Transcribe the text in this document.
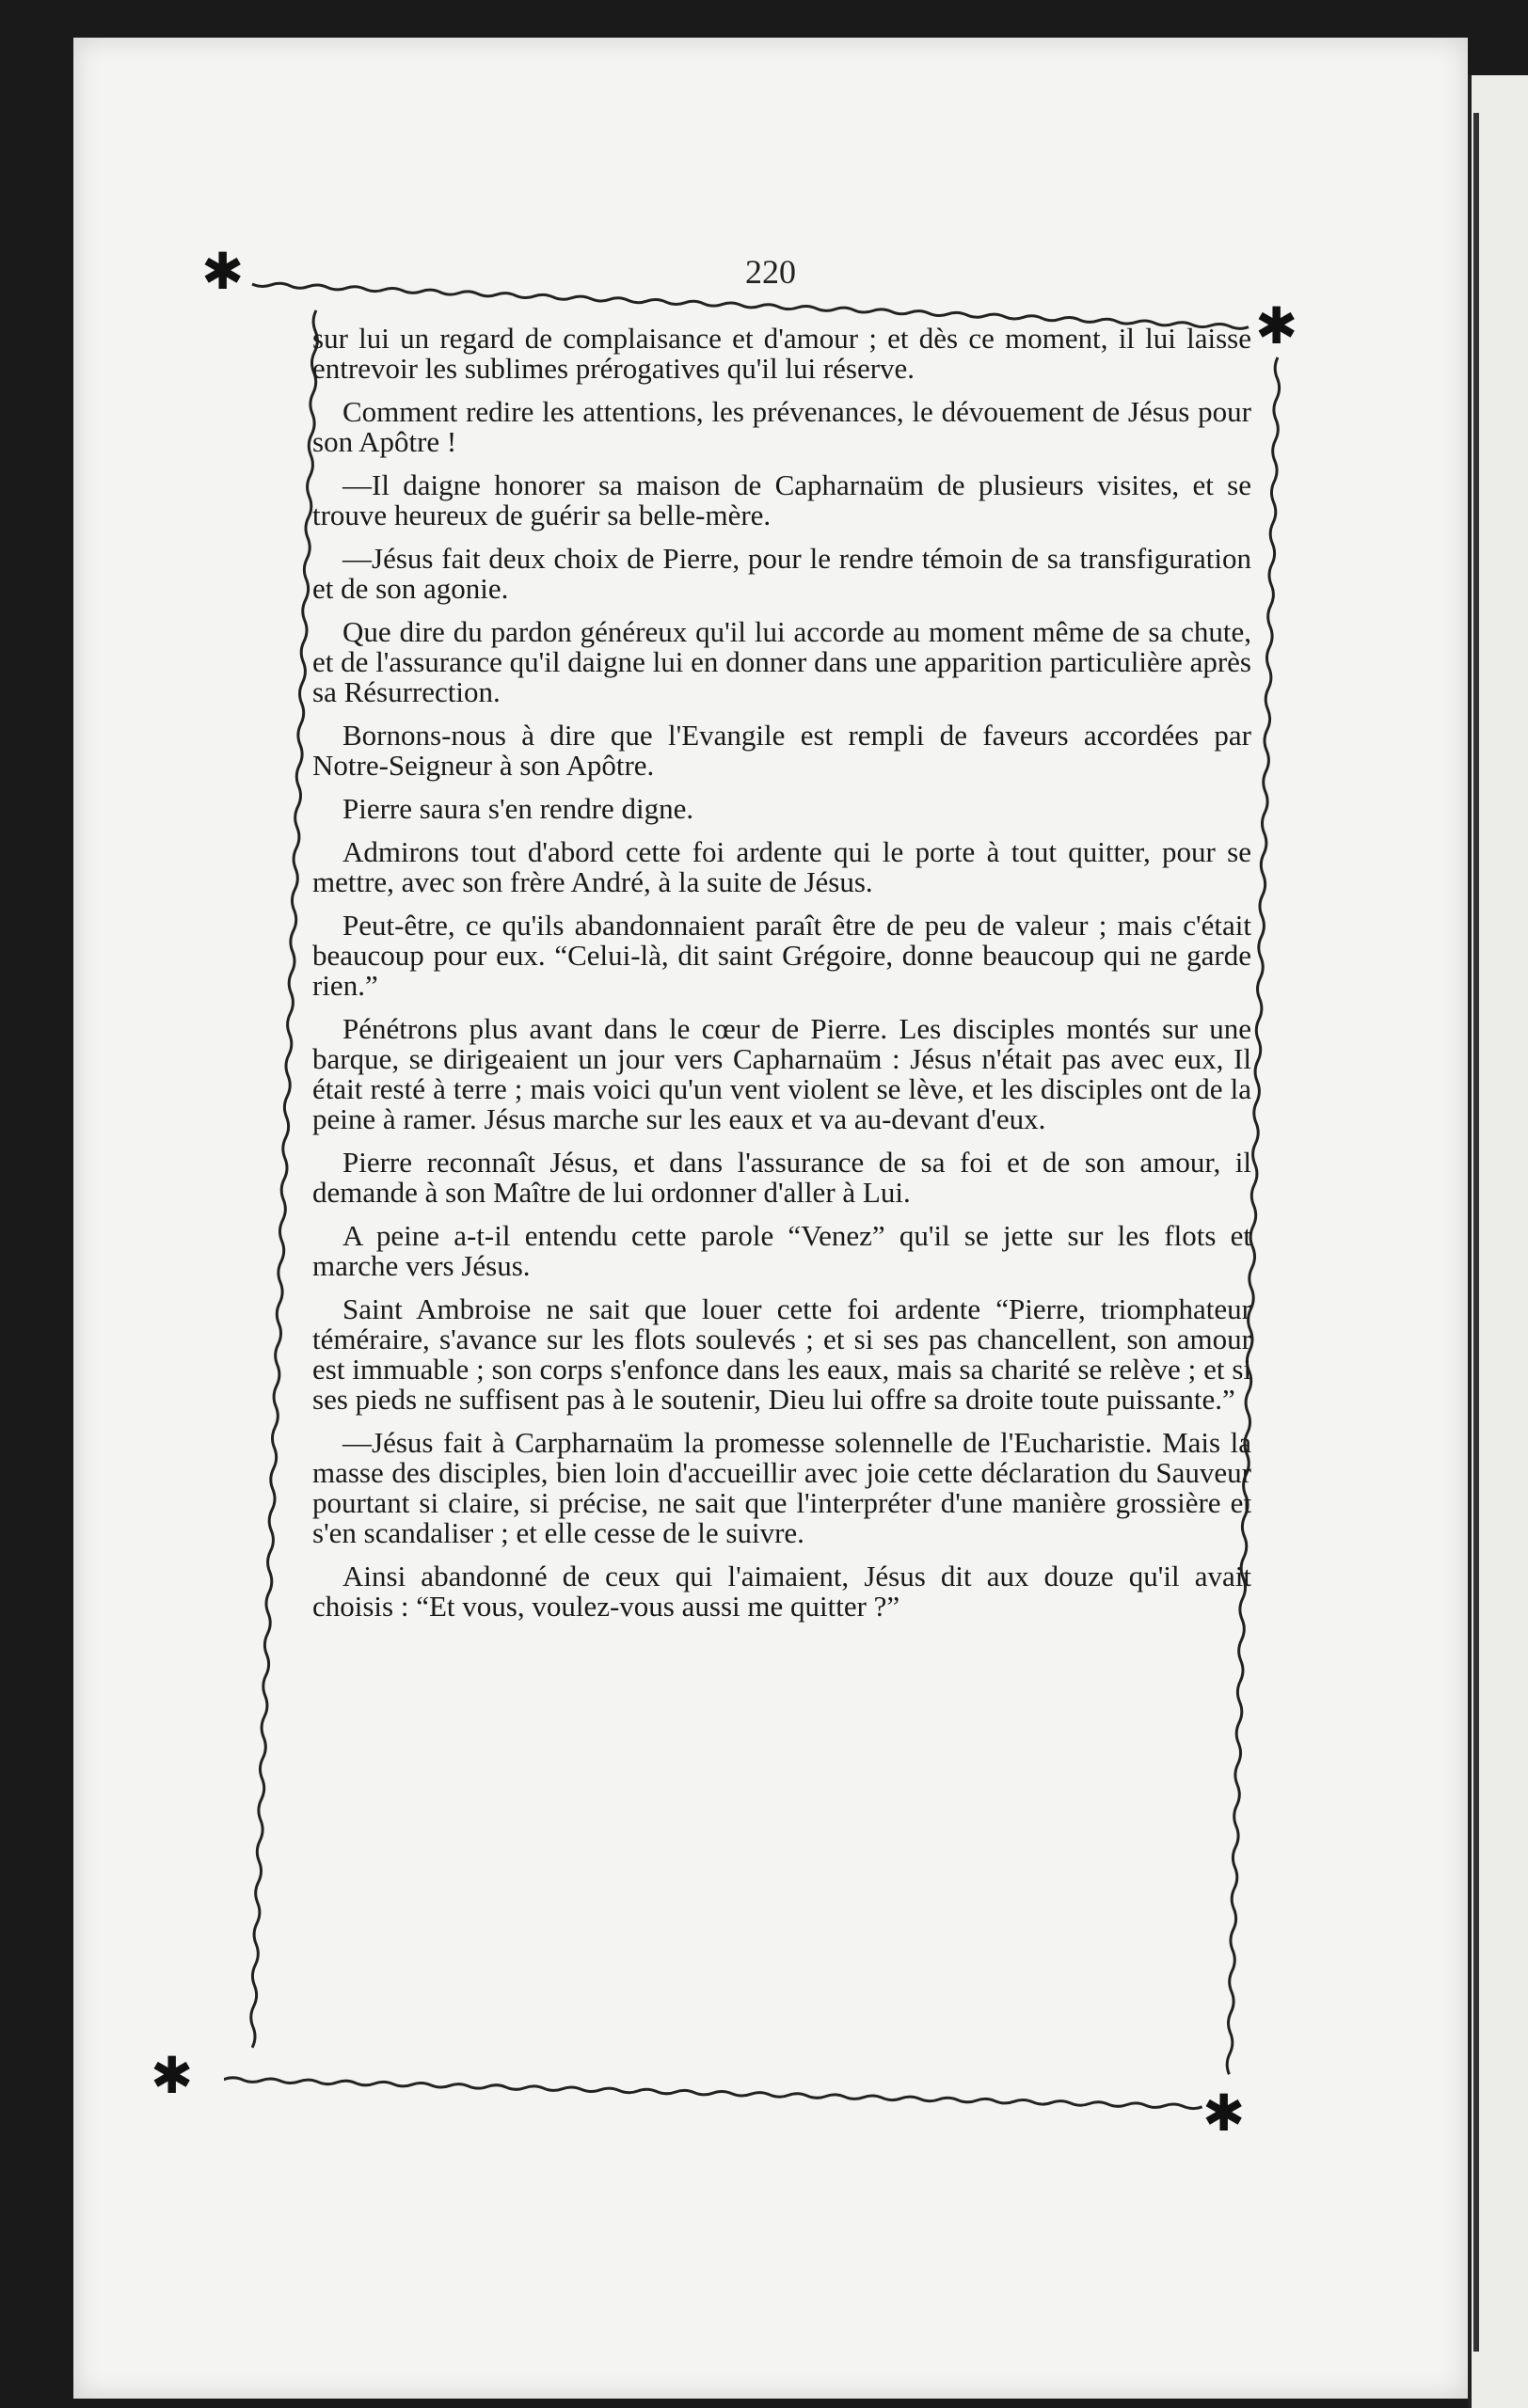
220
✱
✱
✱
✱

sur lui un regard de complaisance et d'amour ; et dès ce moment, il lui laisse entrevoir les sublimes prérogatives qu'il lui réserve.

Comment redire les attentions, les prévenances, le dévouement de Jésus pour son Apôtre !

—Il daigne honorer sa maison de Capharnaüm de plusieurs visites, et se trouve heureux de guérir sa belle-mère.

—Jésus fait deux choix de Pierre, pour le rendre témoin de sa transfiguration et de son agonie.

Que dire du pardon généreux qu'il lui accorde au moment même de sa chute, et de l'assurance qu'il daigne lui en donner dans une apparition particulière après sa Résurrection.

Bornons-nous à dire que l'Evangile est rempli de faveurs accordées par Notre-Seigneur à son Apôtre.

Pierre saura s'en rendre digne.

Admirons tout d'abord cette foi ardente qui le porte à tout quitter, pour se mettre, avec son frère André, à la suite de Jésus.

Peut-être, ce qu'ils abandonnaient paraît être de peu de valeur ; mais c'était beaucoup pour eux. “Celui-là, dit saint Grégoire, donne beaucoup qui ne garde rien.”

Pénétrons plus avant dans le cœur de Pierre. Les disciples montés sur une barque, se dirigeaient un jour vers Capharnaüm : Jésus n'était pas avec eux, Il était resté à terre ; mais voici qu'un vent violent se lève, et les disciples ont de la peine à ramer. Jésus marche sur les eaux et va au-devant d'eux.

Pierre reconnaît Jésus, et dans l'assurance de sa foi et de son amour, il demande à son Maître de lui ordonner d'aller à Lui.

A peine a-t-il entendu cette parole “Venez” qu'il se jette sur les flots et marche vers Jésus.

Saint Ambroise ne sait que louer cette foi ardente “Pierre, triomphateur téméraire, s'avance sur les flots soulevés ; et si ses pas chancellent, son amour est immuable ; son corps s'enfonce dans les eaux, mais sa charité se relève ; et si ses pieds ne suffisent pas à le soutenir, Dieu lui offre sa droite toute puissante.”

—Jésus fait à Carpharnaüm la promesse solennelle de l'Eucharistie. Mais la masse des disciples, bien loin d'accueillir avec joie cette déclaration du Sauveur pourtant si claire, si précise, ne sait que l'interpréter d'une manière grossière et s'en scandaliser ; et elle cesse de le suivre.

Ainsi abandonné de ceux qui l'aimaient, Jésus dit aux douze qu'il avait choisis : “Et vous, voulez-vous aussi me quitter ?”
